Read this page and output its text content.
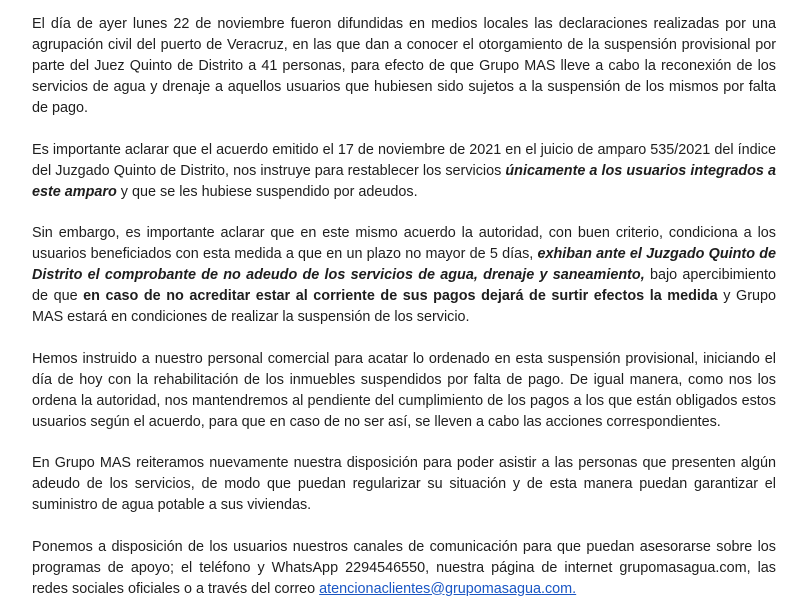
El día de ayer lunes 22 de noviembre fueron difundidas en medios locales las declaraciones realizadas por una agrupación civil del puerto de Veracruz, en las que dan a conocer el otorgamiento de la suspensión provisional por parte del Juez Quinto de Distrito a 41 personas, para efecto de que Grupo MAS lleve a cabo la reconexión de los servicios de agua y drenaje a aquellos usuarios que hubiesen sido sujetos a la suspensión de los mismos por falta de pago.

Es importante aclarar que el acuerdo emitido el 17 de noviembre de 2021 en el juicio de amparo 535/2021 del índice del Juzgado Quinto de Distrito, nos instruye para restablecer los servicios únicamente a los usuarios integrados a este amparo y que se les hubiese suspendido por adeudos.

Sin embargo, es importante aclarar que en este mismo acuerdo la autoridad, con buen criterio, condiciona a los usuarios beneficiados con esta medida a que en un plazo no mayor de 5 días, exhiban ante el Juzgado Quinto de Distrito el comprobante de no adeudo de los servicios de agua, drenaje y saneamiento, bajo apercibimiento de que en caso de no acreditar estar al corriente de sus pagos dejará de surtir efectos la medida y Grupo MAS estará en condiciones de realizar la suspensión de los servicio.

Hemos instruido a nuestro personal comercial para acatar lo ordenado en esta suspensión provisional, iniciando el día de hoy con la rehabilitación de los inmuebles suspendidos por falta de pago. De igual manera, como nos los ordena la autoridad, nos mantendremos al pendiente del cumplimiento de los pagos a los que están obligados estos usuarios según el acuerdo, para que en caso de no ser así, se lleven a cabo las acciones correspondientes.

En Grupo MAS reiteramos nuevamente nuestra disposición para poder asistir a las personas que presenten algún adeudo de los servicios, de modo que puedan regularizar su situación y de esta manera puedan garantizar el suministro de agua potable a sus viviendas.

Ponemos a disposición de los usuarios nuestros canales de comunicación para que puedan asesorarse sobre los programas de apoyo; el teléfono y WhatsApp 2294546550, nuestra página de internet grupomasagua.com, las redes sociales oficiales o a través del correo atencionaclientes@grupomasagua.com.
